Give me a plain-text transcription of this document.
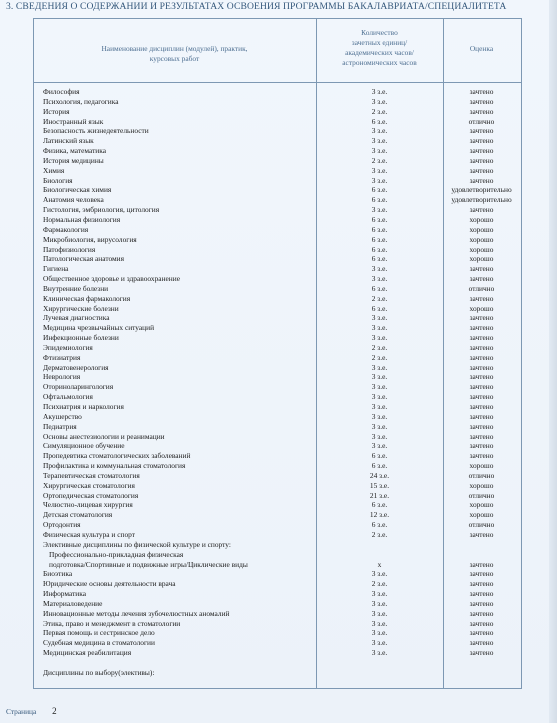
3. СВЕДЕНИЯ О СОДЕРЖАНИИ И РЕЗУЛЬТАТАХ ОСВОЕНИЯ ПРОГРАММЫ БАКАЛАВРИАТА/СПЕЦИАЛИТЕТА
Наименование дисциплин (модулей), практик,
курсовых работ
Количество
зачетных единиц/
академических часов/
астрономических часов
Оценка
Философия	3 з.е.	зачтено
Психология, педагогика	3 з.е.	зачтено
История	2 з.е.	зачтено
Иностранный язык	6 з.е.	отлично
Безопасность жизнедеятельности	3 з.е.	зачтено
Латинский язык	3 з.е.	зачтено
Физика, математика	3 з.е.	зачтено
История медицины	2 з.е.	зачтено
Химия	3 з.е.	зачтено
Биология	3 з.е.	зачтено
Биологическая химия	6 з.е.	удовлетворительно
Анатомия человека	6 з.е.	удовлетворительно
Гистология, эмбриология, цитология	3 з.е.	зачтено
Нормальная физиология	6 з.е.	хорошо
Фармакология	6 з.е.	хорошо
Микробиология, вирусология	6 з.е.	хорошо
Патофизиология	6 з.е.	хорошо
Патологическая анатомия	6 з.е.	хорошо
Гигиена	3 з.е.	зачтено
Общественное здоровье и здравоохранение	3 з.е.	зачтено
Внутренние болезни	6 з.е.	отлично
Клиническая фармакология	2 з.е.	зачтено
Хирургические болезни	6 з.е.	хорошо
Лучевая диагностика	3 з.е.	зачтено
Медицина чрезвычайных ситуаций	3 з.е.	зачтено
Инфекционные болезни	3 з.е.	зачтено
Эпидемиология	2 з.е.	зачтено
Фтизиатрия	2 з.е.	зачтено
Дерматовенерология	3 з.е.	зачтено
Неврология	3 з.е.	зачтено
Оториноларингология	3 з.е.	зачтено
Офтальмология	3 з.е.	зачтено
Психиатрия и наркология	3 з.е.	зачтено
Акушерство	3 з.е.	зачтено
Педиатрия	3 з.е.	зачтено
Основы анестезиологии и реанимации	3 з.е.	зачтено
Симуляционное обучение	3 з.е.	зачтено
Пропедевтика стоматологических заболеваний	6 з.е.	зачтено
Профилактика и коммунальная стоматология	6 з.е.	хорошо
Терапевтическая стоматология	24 з.е.	отлично
Хирургическая стоматология	15 з.е.	хорошо
Ортопедическая стоматология	21 з.е.	отлично
Челюстно-лицевая хирургия	6 з.е.	хорошо
Детская стоматология	12 з.е.	хорошо
Ортодонтия	6 з.е.	отлично
Физическая культура и спорт	2 з.е.	зачтено
Элективные дисциплины по физической культуре и спорту:
Профессионально-прикладная физическая
подготовка/Спортивные и подвижные игры/Циклические виды	x	зачтено
Биоэтика	3 з.е.	зачтено
Юридические основы деятельности врача	2 з.е.	зачтено
Информатика	3 з.е.	зачтено
Материаловедение	3 з.е.	зачтено
Инновационные методы лечения зубочелюстных аномалий	3 з.е.	зачтено
Этика, право и менеджмент в стоматологии	3 з.е.	зачтено
Первая помощь и сестринское дело	3 з.е.	зачтено
Судебная медицина в стоматологии	3 з.е.	зачтено
Медицинская реабилитация	3 з.е.	зачтено
Дисциплины по выбору(элективы):
Страница 2
